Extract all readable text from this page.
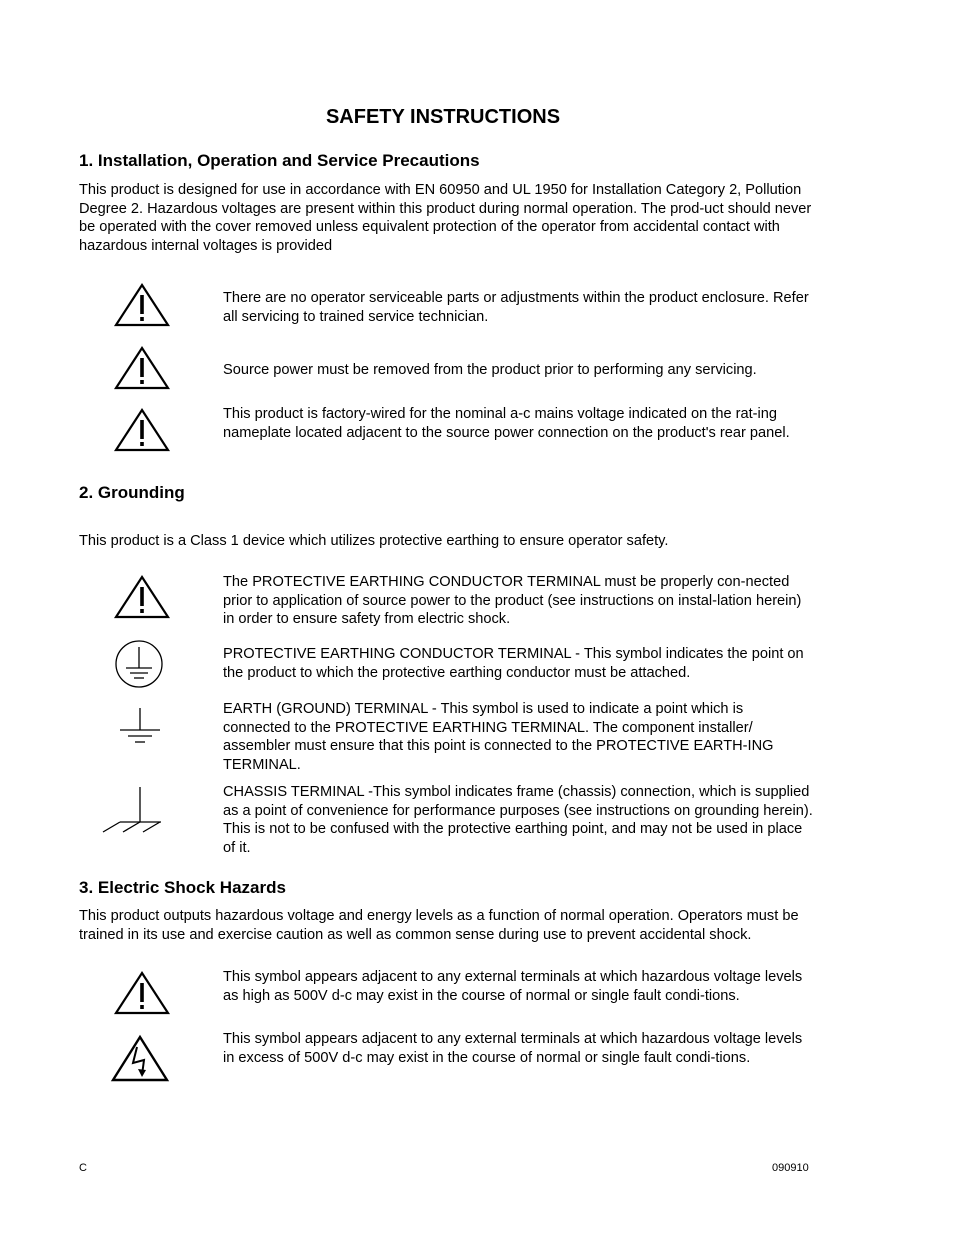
SAFETY INSTRUCTIONS
1. Installation, Operation and Service Precautions

This product is designed for use in accordance with EN 60950 and UL 1950 for Installation Category 2, Pollution Degree 2. Hazardous voltages are present within this product during normal operation. The prod-uct should never be operated with the cover removed unless equivalent protection of the operator from accidental contact with hazardous internal voltages is provided

There are no operator serviceable parts or adjustments within the product enclosure. Refer all servicing to trained service technician.

Source power must be removed from the product prior to performing any servicing.

This product is factory-wired for the nominal a-c mains voltage indicated on the rat-ing nameplate located adjacent to the source power connection on the product's rear panel.

2. Grounding

This product is a Class 1 device which utilizes protective earthing to ensure operator safety.

The PROTECTIVE EARTHING CONDUCTOR TERMINAL must be properly con-nected prior to application of source power to the product (see instructions on instal-lation herein) in order to ensure safety from electric shock.

PROTECTIVE EARTHING CONDUCTOR TERMINAL - This symbol indicates the point on the product to which the protective earthing conductor must be attached.

EARTH (GROUND) TERMINAL - This symbol is used to indicate a point which is connected to the PROTECTIVE EARTHING TERMINAL. The component installer/ assembler must ensure that this point is connected to the PROTECTIVE EARTH-ING TERMINAL.

CHASSIS TERMINAL -This symbol indicates frame (chassis) connection, which is supplied as a point of convenience for performance purposes (see instructions on grounding herein). This is not to be confused with the protective earthing point, and may not be used in place of it.

3. Electric Shock Hazards

This product outputs hazardous voltage and energy levels as a function of normal operation. Operators must be trained in its use and exercise caution as well as common sense during use to prevent accidental shock.

This symbol appears adjacent to any external terminals at which hazardous voltage levels as high as 500V d-c may exist in the course of normal or single fault condi-tions.

This symbol appears adjacent to any external terminals at which hazardous voltage levels in excess of 500V d-c may exist in the course of normal or single fault condi-tions.

C	090910
